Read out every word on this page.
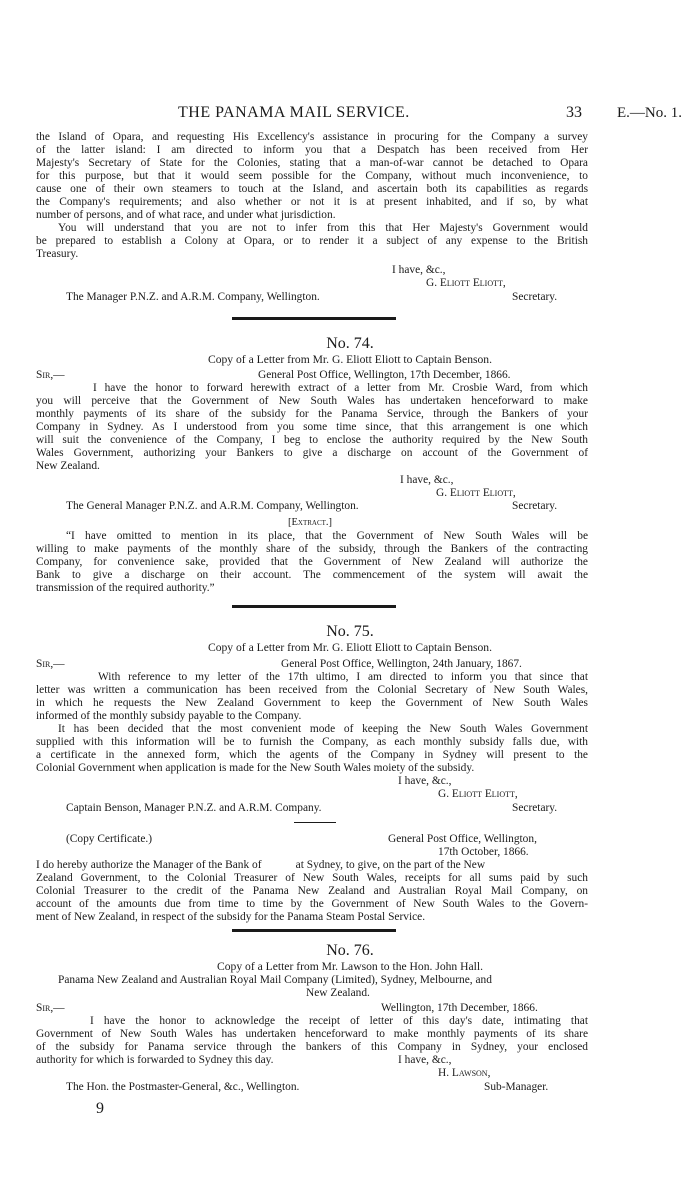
THE PANAMA MAIL SERVICE.	33 E.—No. 1.
the Island of Opara, and requesting His Excellency's assistance in procuring for the Company a survey
of the latter island: I am directed to inform you that a Despatch has been received from Her
Majesty's Secretary of State for the Colonies, stating that a man-of-war cannot be detached to Opara
for this purpose, but that it would seem possible for the Company, without much inconvenience, to
cause one of their own steamers to touch at the Island, and ascertain both its capabilities as regards
the Company's requirements; and also whether or not it is at present inhabited, and if so, by what
number of persons, and of what race, and under what jurisdiction.
You will understand that you are not to infer from this that Her Majesty's Government would
be prepared to establish a Colony at Opara, or to render it a subject of any expense to the British
Treasury.
I have, &c.,
G. Eliott Eliott,
The Manager P.N.Z. and A.R.M. Company, Wellington.	Secretary.
No. 74.
Copy of a Letter from Mr. G. Eliott Eliott to Captain Benson.
Sir,—	General Post Office, Wellington, 17th December, 1866.
I have the honor to forward herewith extract of a letter from Mr. Crosbie Ward, from which
you will perceive that the Government of New South Wales has undertaken henceforward to make
monthly payments of its share of the subsidy for the Panama Service, through the Bankers of your
Company in Sydney. As I understood from you some time since, that this arrangement is one which
will suit the convenience of the Company, I beg to enclose the authority required by the New South
Wales Government, authorizing your Bankers to give a discharge on account of the Government of
New Zealand.
I have, &c.,
G. Eliott Eliott,
The General Manager P.N.Z. and A.R.M. Company, Wellington.	Secretary.
[Extract.]
“I have omitted to mention in its place, that the Government of New South Wales will be
willing to make payments of the monthly share of the subsidy, through the Bankers of the contracting
Company, for convenience sake, provided that the Government of New Zealand will authorize the
Bank to give a discharge on their account. The commencement of the system will await the
transmission of the required authority.”
No. 75.
Copy of a Letter from Mr. G. Eliott Eliott to Captain Benson.
Sir,—	General Post Office, Wellington, 24th January, 1867.
With reference to my letter of the 17th ultimo, I am directed to inform you that since that
letter was written a communication has been received from the Colonial Secretary of New South Wales,
in which he requests the New Zealand Government to keep the Government of New South Wales
informed of the monthly subsidy payable to the Company.
It has been decided that the most convenient mode of keeping the New South Wales Government
supplied with this information will be to furnish the Company, as each monthly subsidy falls due, with
a certificate in the annexed form, which the agents of the Company in Sydney will present to the
Colonial Government when application is made for the New South Wales moiety of the subsidy.
I have, &c.,
G. Eliott Eliott,
Captain Benson, Manager P.N.Z. and A.R.M. Company.	Secretary.
(Copy Certificate.)	General Post Office, Wellington,
17th October, 1866.
I do hereby authorize the Manager of the Bank of            at Sydney, to give, on the part of the New
Zealand Government, to the Colonial Treasurer of New South Wales, receipts for all sums paid by such
Colonial Treasurer to the credit of the Panama New Zealand and Australian Royal Mail Company, on
account of the amounts due from time to time by the Government of New South Wales to the Govern-
ment of New Zealand, in respect of the subsidy for the Panama Steam Postal Service.
No. 76.
Copy of a Letter from Mr. Lawson to the Hon. John Hall.
Panama New Zealand and Australian Royal Mail Company (Limited), Sydney, Melbourne, and
New Zealand.
Sir,—	Wellington, 17th December, 1866.
I have the honor to acknowledge the receipt of letter of this day's date, intimating that
Government of New South Wales has undertaken henceforward to make monthly payments of its share
of the subsidy for Panama service through the bankers of this Company in Sydney, your enclosed
authority for which is forwarded to Sydney this day.	I have, &c.,
H. Lawson,
The Hon. the Postmaster-General, &c., Wellington.	Sub-Manager.
9
